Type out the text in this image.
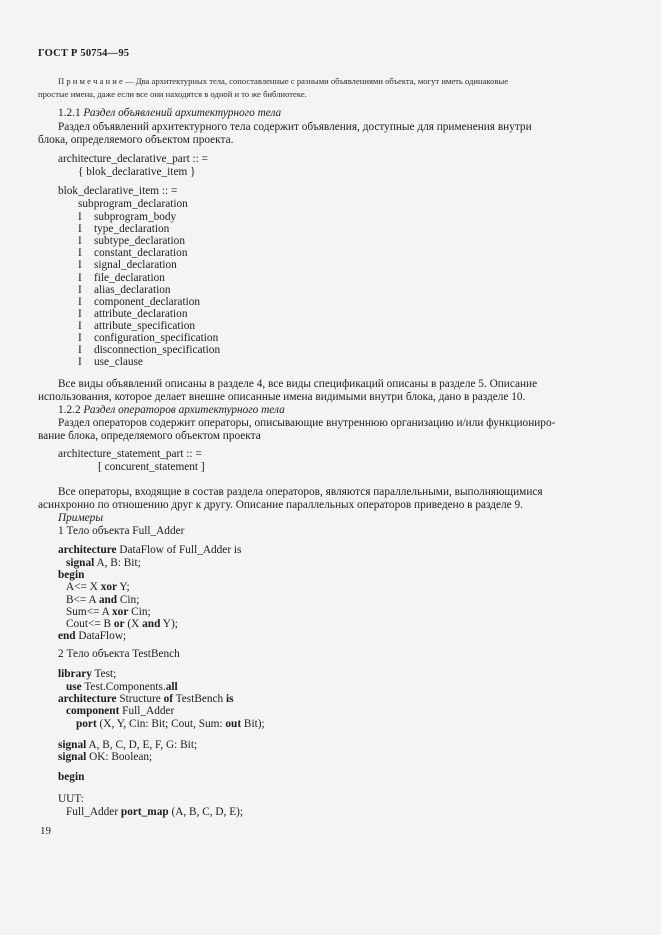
ГОСТ Р 50754—95
П р и м е ч а н и е — Два архитектурных тела, сопоставленные с разными объявлениями объекта, могут иметь одинаковые
простые имена, даже если все они находятся в одной и то же библиотеке.
1.2.1 Раздел объявлений архитектурного тела
Раздел объявлений архитектурного тела содержит объявления, доступные для применения внутри
блока, определяемого объектом проекта.
architecture_declarative_part :: =
{ blok_declarative_item }
blok_declarative_item :: =
subprogram_declaration
I subprogram_body
I type_declaration
I subtype_declaration
I constant_declaration
I signal_declaration
I file_declaration
I alias_declaration
I component_declaration
I attribute_declaration
I attribute_specification
I configuration_specification
I disconnection_specification
I use_clause
Все виды объявлений описаны в разделе 4, все виды спецификаций описаны в разделе 5. Описание
использования, которое делает внешне описанные имена видимыми внутри блока, дано в разделе 10.
1.2.2 Раздел операторов архитектурного тела
Раздел операторов содержит операторы, описывающие внутреннюю организацию и/или функциониро-
вание блока, определяемого объектом проекта
architecture_statement_part :: =
[ concurent_statement ]
Все операторы, входящие в состав раздела операторов, являются параллельными, выполняющимися
асинхронно по отношению друг к другу. Описание параллельных операторов приведено в разделе 9.
Примеры
1 Тело объекта Full_Adder
architecture DataFlow of Full_Adder is
signal A, B: Bit;
begin
A<= X xor Y;
B<= A and Cin;
Sum<= A xor Cin;
Cout<= B or (X and Y);
end DataFlow;
2 Тело объекта TestBench
library Test;
use Test.Components.all
architecture Structure of TestBench is
component Full_Adder
port (X, Y, Cin: Bit; Cout, Sum: out Bit);
signal A, B, C, D, E, F, G: Bit;
signal OK: Boolean;
begin
UUT:
Full_Adder port_map (A, B, C, D, E);
19
